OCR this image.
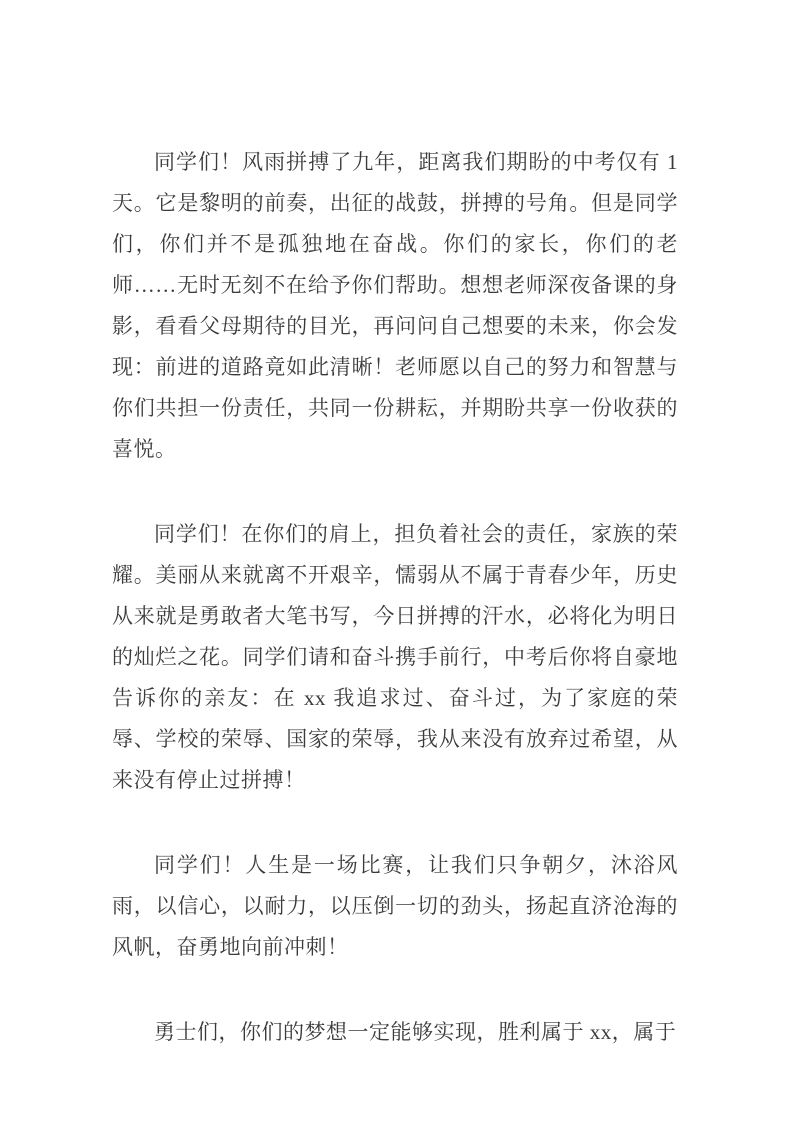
同学们！风雨拼搏了九年，距离我们期盼的中考仅有 1 天。它是黎明的前奏，出征的战鼓，拼搏的号角。但是同学们，你们并不是孤独地在奋战。你们的家长，你们的老师……无时无刻不在给予你们帮助。想想老师深夜备课的身影，看看父母期待的目光，再问问自己想要的未来，你会发现：前进的道路竟如此清晰！老师愿以自己的努力和智慧与你们共担一份责任，共同一份耕耘，并期盼共享一份收获的喜悦。

同学们！在你们的肩上，担负着社会的责任，家族的荣耀。美丽从来就离不开艰辛，懦弱从不属于青春少年，历史从来就是勇敢者大笔书写，今日拼搏的汗水，必将化为明日的灿烂之花。同学们请和奋斗携手前行，中考后你将自豪地告诉你的亲友：在 xx 我追求过、奋斗过，为了家庭的荣辱、学校的荣辱、国家的荣辱，我从来没有放弃过希望，从来没有停止过拼搏！

同学们！人生是一场比赛，让我们只争朝夕，沐浴风雨，以信心，以耐力，以压倒一切的劲头，扬起直济沧海的风帆，奋勇地向前冲刺！

勇士们，你们的梦想一定能够实现，胜利属于 xx，属于
